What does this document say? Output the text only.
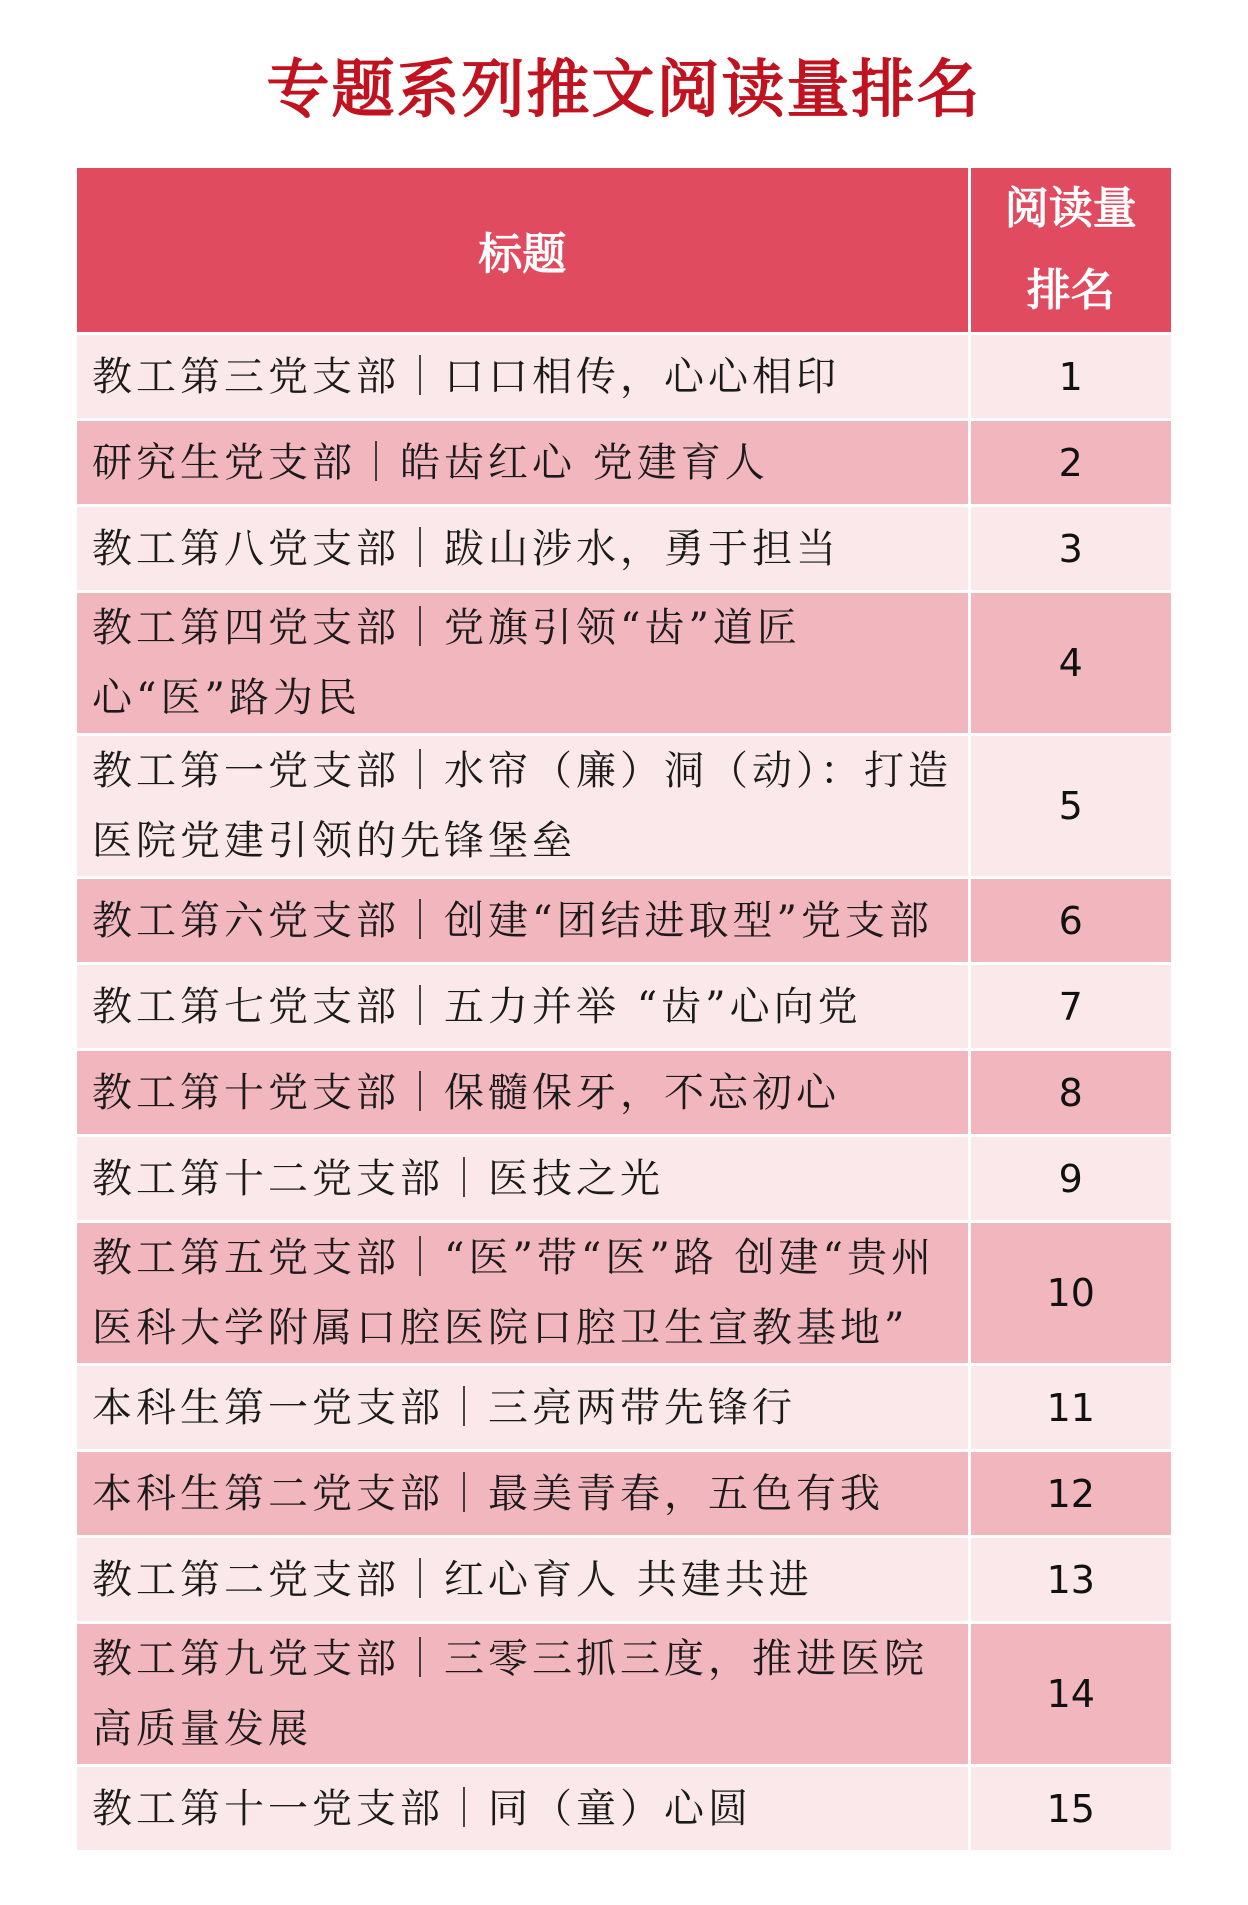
专题系列推文阅读量排名
标题	阅读量
排名

教工第三党支部｜口口相传，心心相印	1
研究生党支部｜皓齿红心 党建育人	2
教工第八党支部｜跋山涉水，勇于担当	3
教工第四党支部｜党旗引领“齿”道匠心“医”路为民	4
教工第一党支部｜水帘（廉）洞（动）：打造医院党建引领的先锋堡垒	5
教工第六党支部｜创建“团结进取型”党支部	6
教工第七党支部｜五力并举 “齿”心向党	7
教工第十党支部｜保髓保牙，不忘初心	8
教工第十二党支部｜医技之光	9
教工第五党支部｜“医”带“医”路 创建“贵州医科大学附属口腔医院口腔卫生宣教基地”	10
本科生第一党支部｜三亮两带先锋行	11
本科生第二党支部｜最美青春，五色有我	12
教工第二党支部｜红心育人 共建共进	13
教工第九党支部｜三零三抓三度，推进医院高质量发展	14
教工第十一党支部｜同（童）心圆	15
